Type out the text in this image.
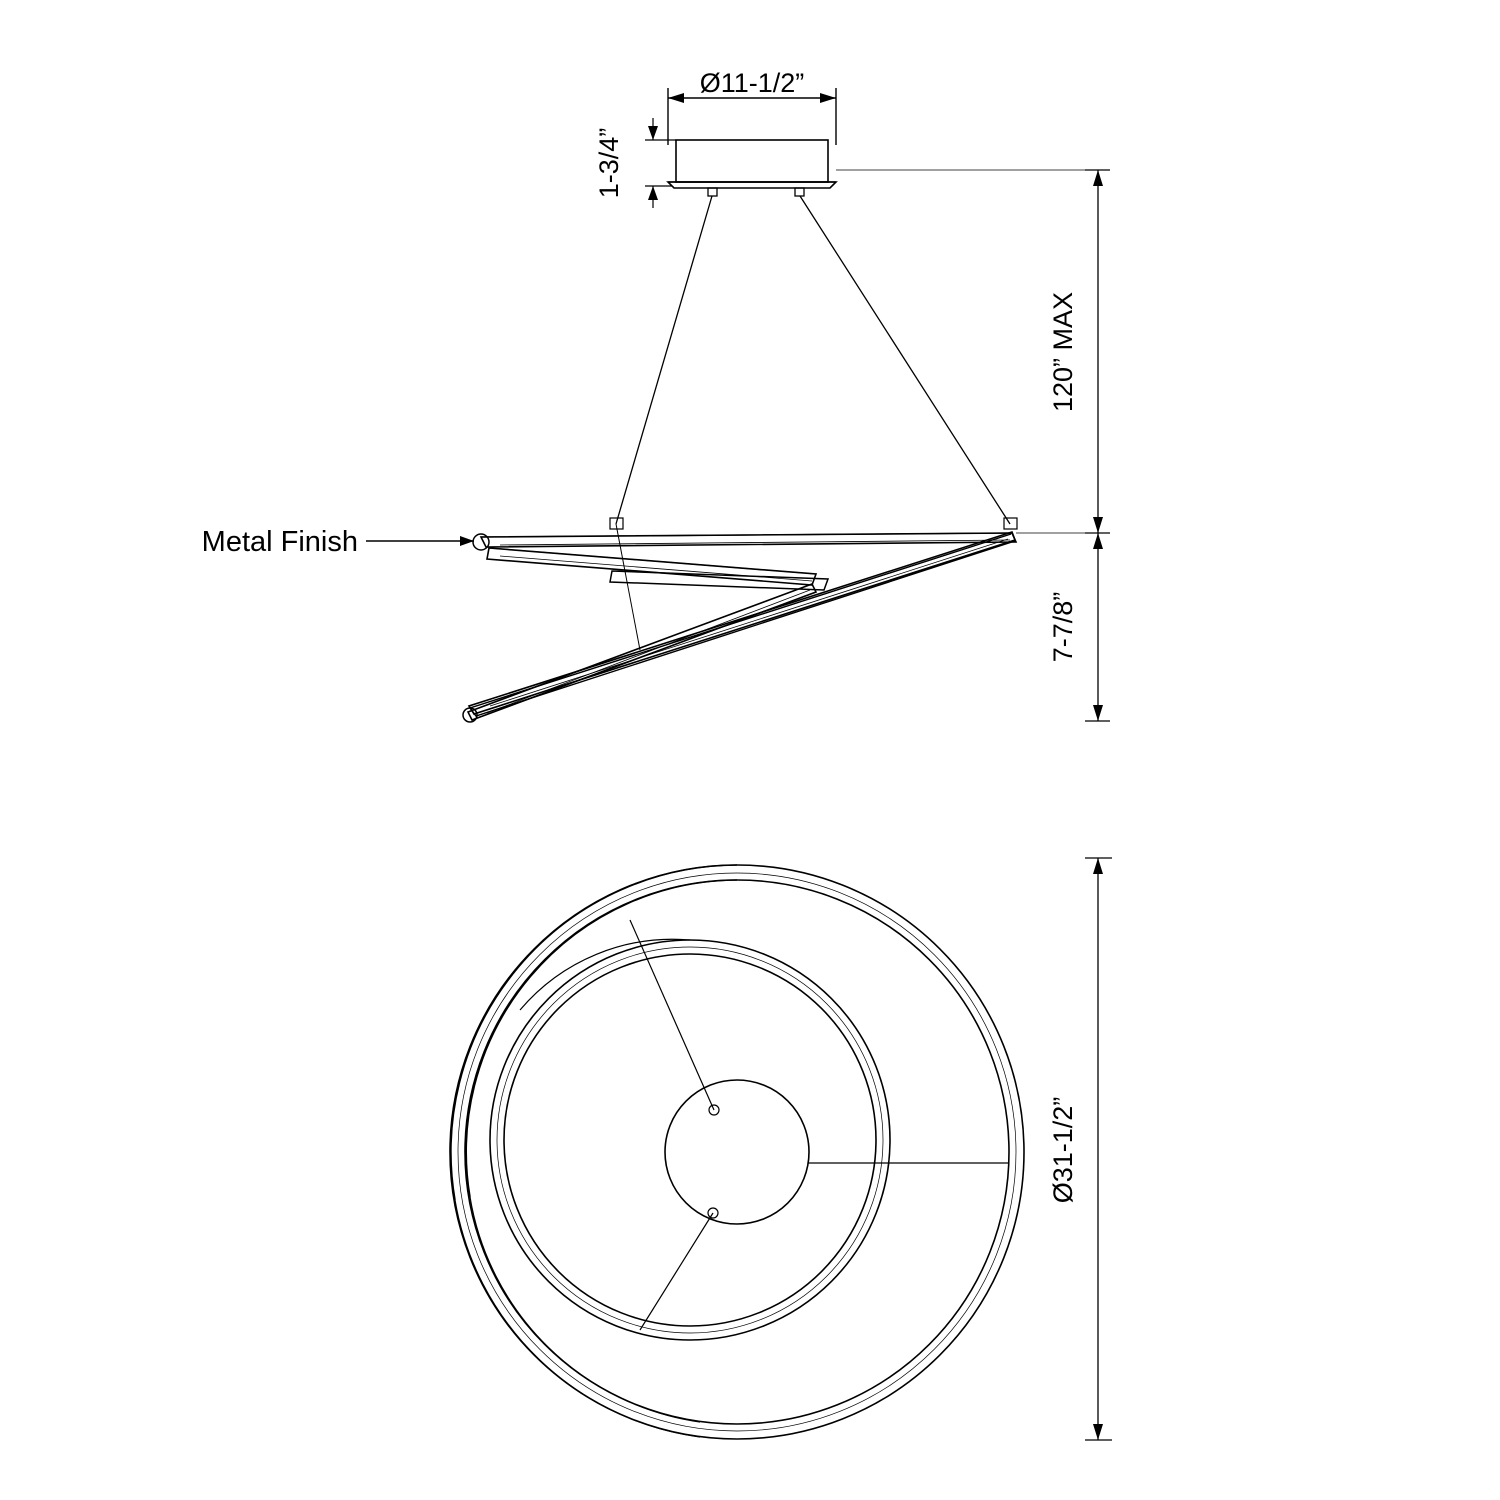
Ø11-1/2”
1-3/4”
120” MAX
7-7/8”
Metal Finish
Ø31-1/2”
